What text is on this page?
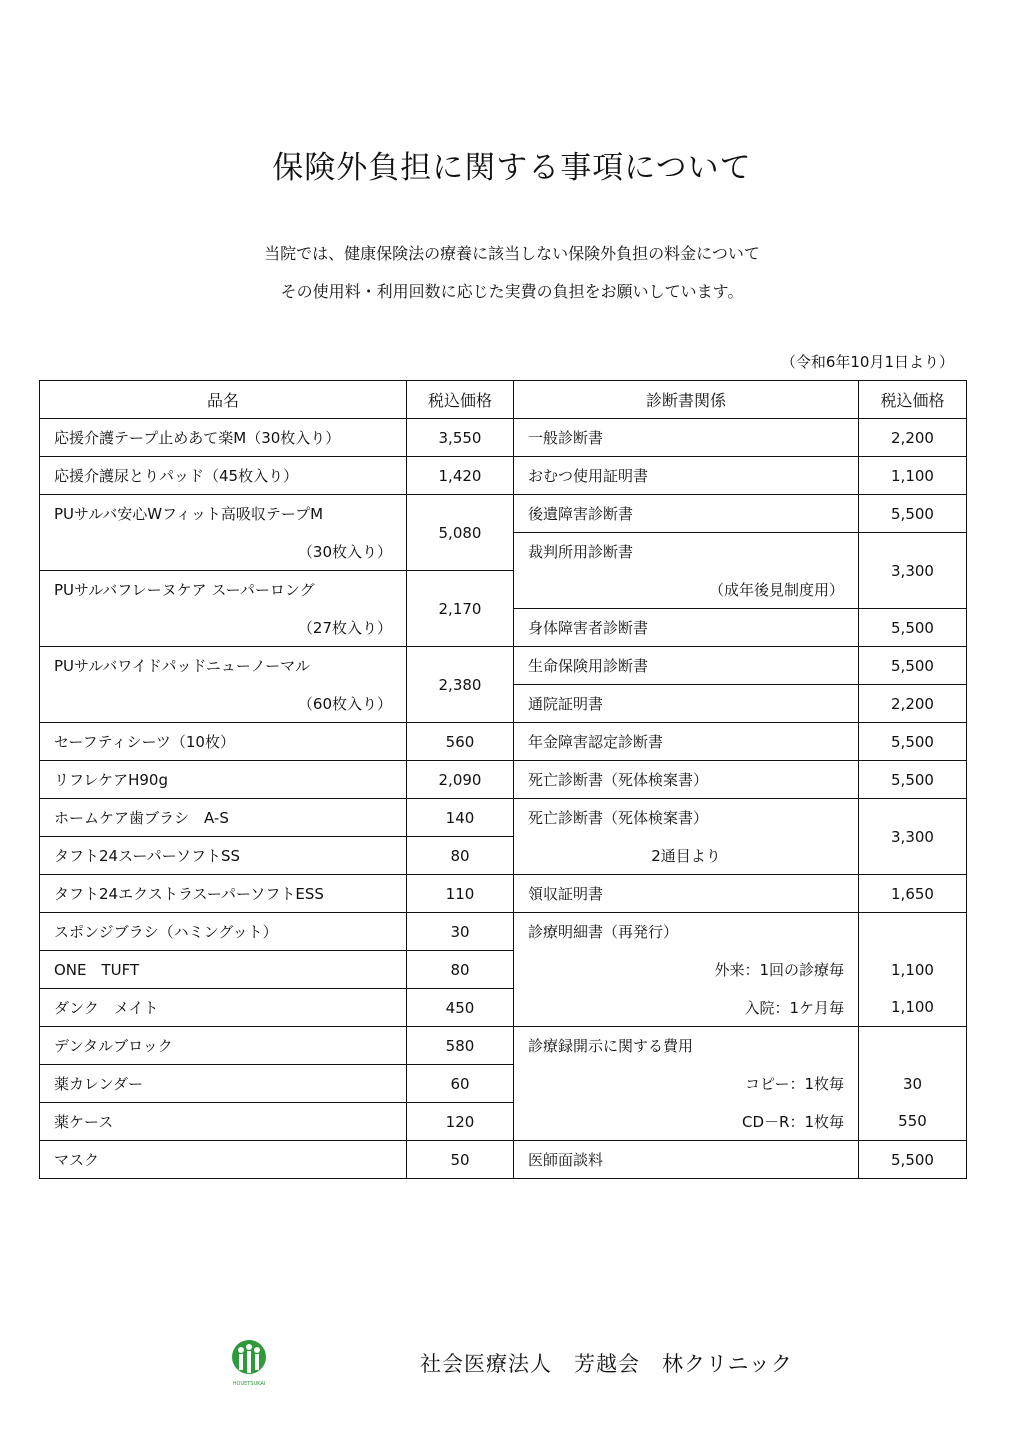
保険外負担に関する事項について
当院では、健康保険法の療養に該当しない保険外負担の料金について
その使用料・利用回数に応じた実費の負担をお願いしています。
（令和6年10月1日より）
品名	税込価格	診断書関係	税込価格
応援介護テープ止めあて楽M（30枚入り）	3,550	一般診断書	2,200
応援介護尿とりパッド（45枚入り）	1,420	おむつ使用証明書	1,100
PUサルバ安心Wフィット高吸収テープM	5,080	後遺障害診断書	5,500
（30枚入り）		裁判所用診断書	3,300
PUサルバフレーヌケア スーパーロング	2,170	（成年後見制度用）	
（27枚入り）		身体障害者診断書	5,500
PUサルバワイドパッドニューノーマル	2,380	生命保険用診断書	5,500
（60枚入り）		通院証明書	2,200
セーフティシーツ（10枚）	560	年金障害認定診断書	5,500
リフレケアH90g	2,090	死亡診断書（死体検案書）	5,500
ホームケア歯ブラシ　A-S	140	死亡診断書（死体検案書）	3,300
タフト24スーパーソフトSS	80	2通目より	
タフト24エクストラスーパーソフトESS	110	領収証明書	1,650
スポンジブラシ（ハミングット）	30	診療明細書（再発行）	
ONE　TUFT	80	外来：1回の診療毎	1,100
ダンク　メイト	450	入院：1ケ月毎	1,100
デンタルブロック	580	診療録開示に関する費用	
薬カレンダー	60	コピー：1枚毎	30
薬ケース	120	CD－R：1枚毎	550
マスク	50	医師面談料	5,500
HOUETSUKAI
社会医療法人　芳越会　林クリニック
